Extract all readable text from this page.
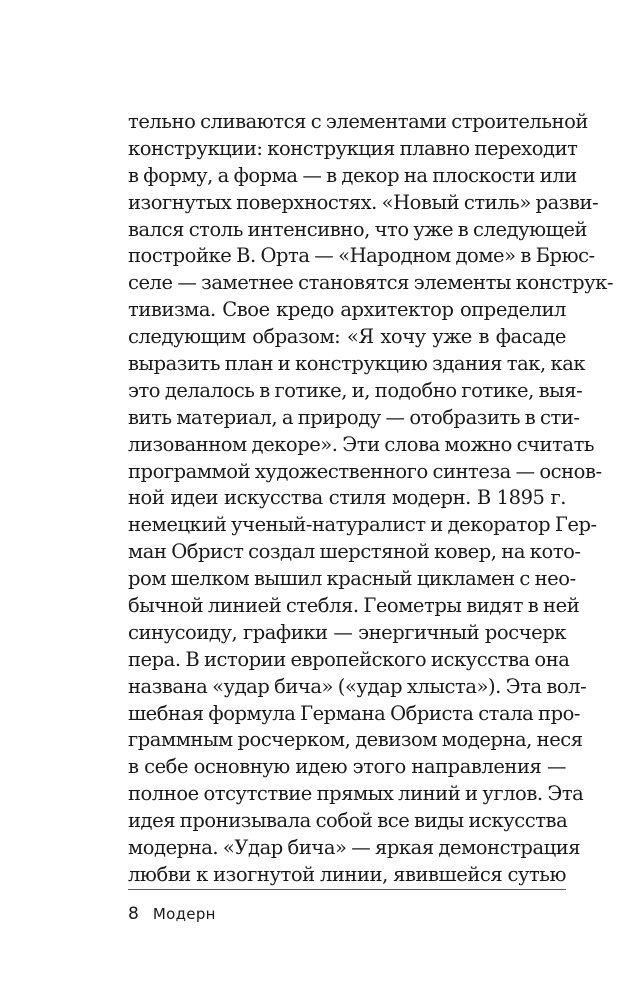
тельно сливаются с элементами строительной
конструкции: конструкция плавно переходит
в форму, а форма — в декор на плоскости или
изогнутых поверхностях. «Новый стиль» разви-
вался столь интенсивно, что уже в следующей
постройке В. Орта — «Народном доме» в Брюс-
селе — заметнее становятся элементы конструк-
тивизма. Свое кредо архитектор определил
следующим образом: «Я хочу уже в фасаде
выразить план и конструкцию здания так, как
это делалось в готике, и, подобно готике, выя-
вить материал, а природу — отобразить в сти-
лизованном декоре». Эти слова можно считать
программой художественного синтеза — основ-
ной идеи искусства стиля модерн. В 1895 г.
немецкий ученый-натуралист и декоратор Гер-
ман Обрист создал шерстяной ковер, на кото-
ром шелком вышил красный цикламен с нео-
бычной линией стебля. Геометры видят в ней
синусоиду, графики — энергичный росчерк
пера. В истории европейского искусства она
названа «удар бича» («удар хлыста»). Эта вол-
шебная формула Германа Обриста стала про-
граммным росчерком, девизом модерна, неся
в себе основную идею этого направления —
полное отсутствие прямых линий и углов. Эта
идея пронизывала собой все виды искусства
модерна. «Удар бича» — яркая демонстрация
любви к изогнутой линии, явившейся сутью
8 Модерн
